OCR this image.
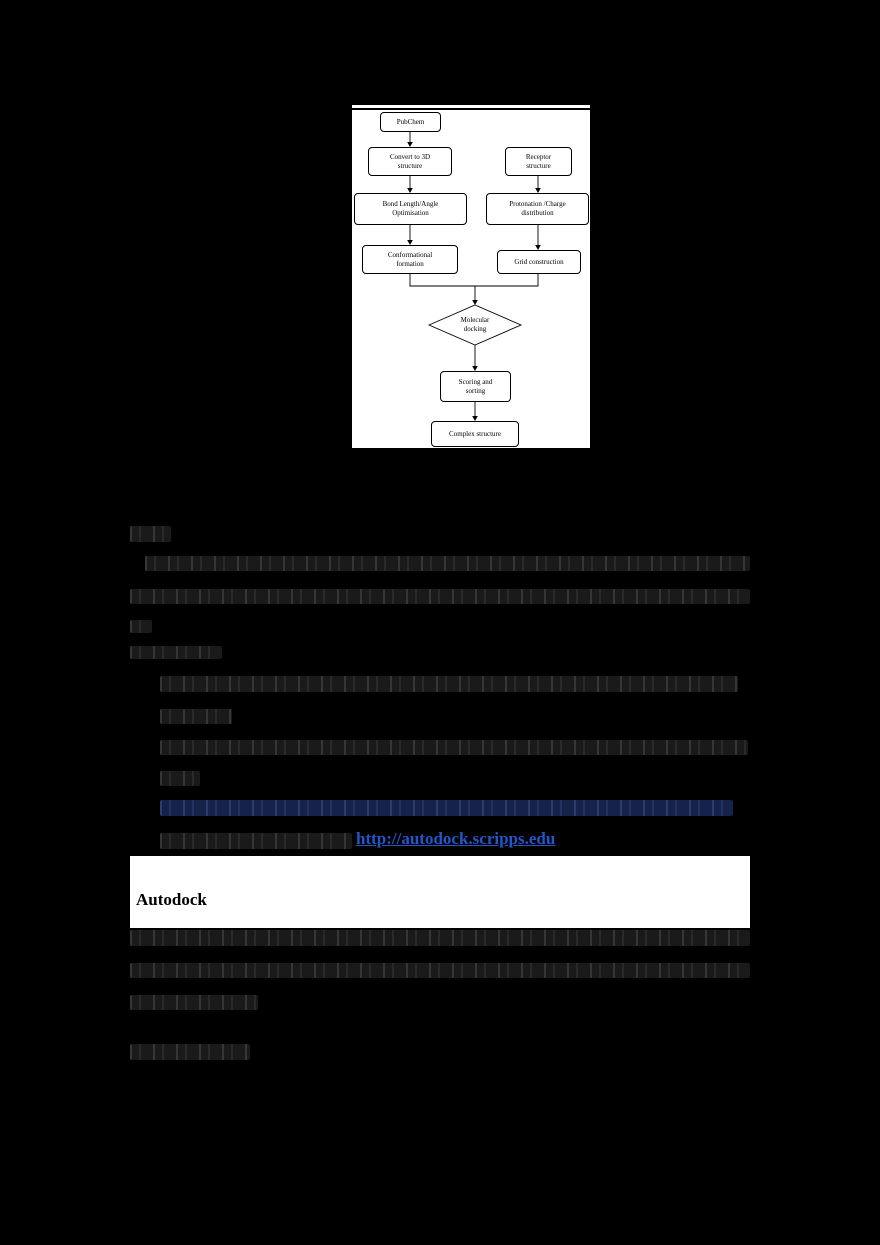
PubChem
Convert to 3D
structure
Receptor
structure
Bond Length/Angle
Optimisation
Protonation /Charge
distribution
Conformational
formation	Grid construction
Molecular
docking
Scoring and
sorting
Complex structure
http://autodock.scripps.edu
Autodock
